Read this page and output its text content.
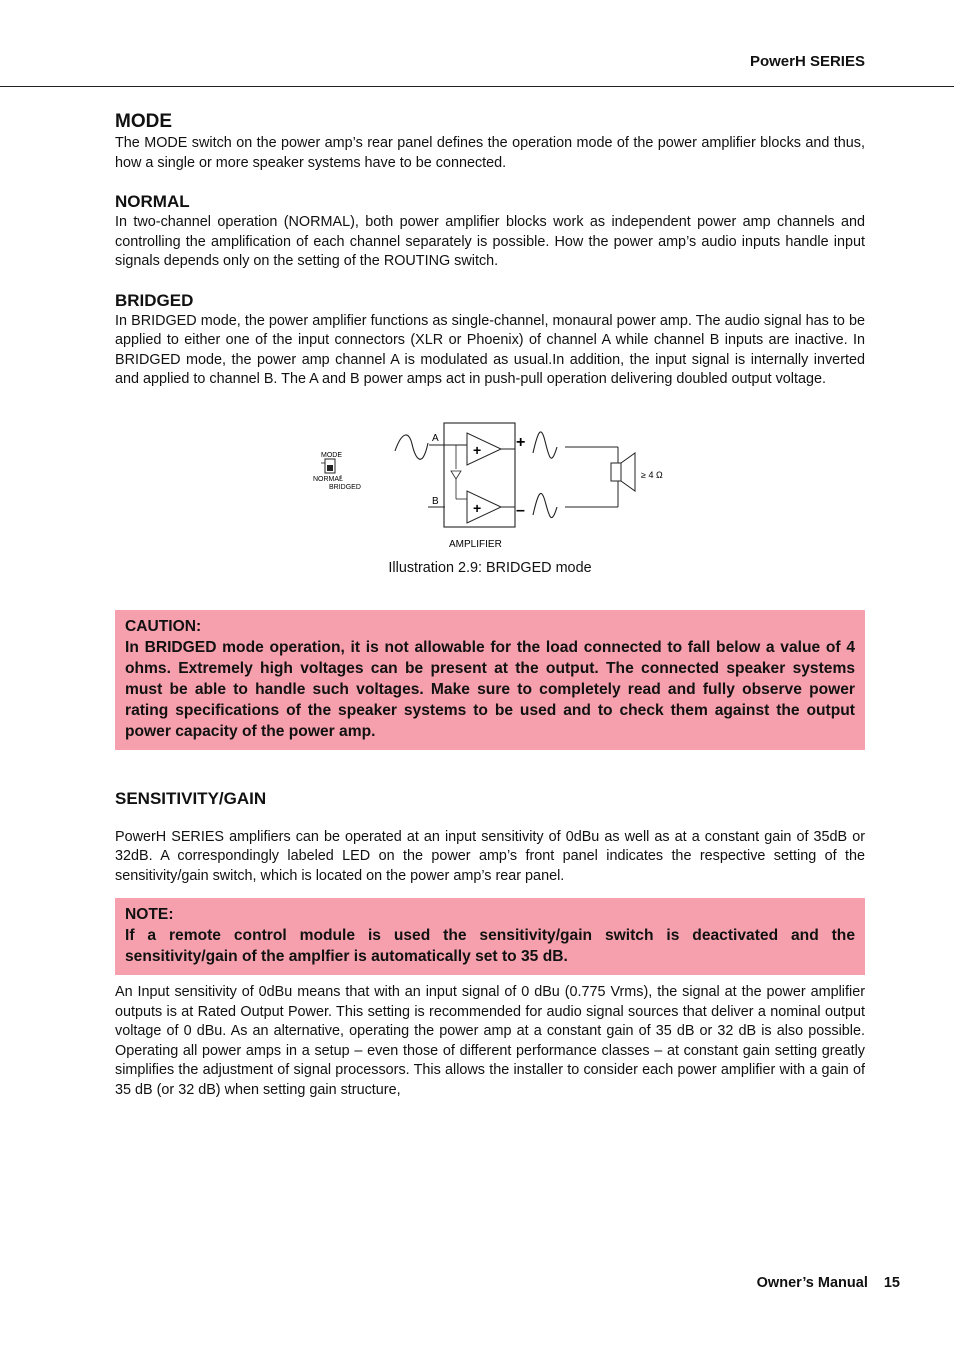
PowerH SERIES
MODE

The MODE switch on the power amp’s rear panel defines the operation mode of the power amplifier blocks and thus, how a single or more speaker systems have to be connected.

NORMAL

In two-channel operation (NORMAL), both power amplifier blocks work as independent power amp channels and controlling the amplification of each channel separately is possible. How the power amp’s audio inputs handle input signals depends only on the setting of the ROUTING switch.

BRIDGED

In BRIDGED mode, the power amplifier functions as single-channel, monaural power amp. The audio signal has to be applied to either one of the input connectors (XLR or Phoenix) of channel A while channel B inputs are inactive. In BRIDGED mode, the power amp channel A is modulated as usual.In addition, the input signal is internally inverted and applied to channel B. The A and B power amps act in push-pull operation delivering doubled output voltage.

MODE
NORMAL
BRIDGED
A
B
+
+
+
–
≥ 4 Ω
AMPLIFIER
Illustration 2.9: BRIDGED mode
CAUTION:
In BRIDGED mode operation, it is not allowable for the load connected to fall below a value of 4 ohms. Extremely high voltages can be present at the output. The connected speaker systems must be able to handle such voltages. Make sure to completely read and fully observe power rating specifications of the speaker systems to be used and to check them against the output power capacity of the power amp.
SENSITIVITY/GAIN

PowerH SERIES amplifiers can be operated at an input sensitivity of 0dBu as well as at a constant gain of 35dB or 32dB. A correspondingly labeled LED on the power amp’s front panel indicates the respective setting of the sensitivity/gain switch, which is located on the power amp’s rear panel.

NOTE:
If a remote control module is used the sensitivity/gain switch is deactivated and the sensitivity/gain of the amplfier is automatically set to 35 dB.

An Input sensitivity of 0dBu means that with an input signal of 0 dBu (0.775 Vrms), the signal at the power amplifier outputs is at Rated Output Power. This setting is recommended for audio signal sources that deliver a nominal output voltage of 0 dBu. As an alternative, operating the power amp at a constant gain of 35 dB or 32 dB is also possible. Operating all power amps in a setup – even those of different performance classes – at constant gain setting greatly simplifies the adjustment of signal processors. This allows the installer to consider each power amplifier with a gain of 35 dB (or 32 dB) when setting gain structure,

Owner’s Manual 15
